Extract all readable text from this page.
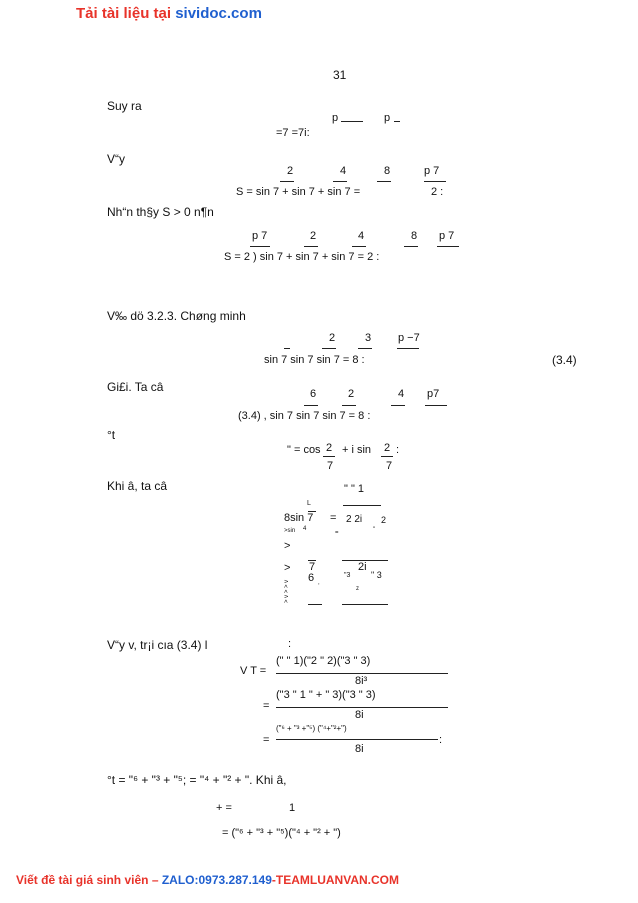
Tải tài liệu tại sividoc.com
31
Suy ra
p	p
=7 =7i:
V“y
2	4	8	p 7
S = sin 7 + sin 7 + sin 7 =	2 :
Nh“n th§y S > 0 n¶n
p 7	2	4	8 p 7
S = 2 ) sin 7 + sin 7 + sin 7 = 2 :
V‰ dö 3.2.3. Chøng minh
2	3 p −7
sin 7 sin 7 sin 7 = 8 :	(3.4)
Gi£i. Ta câ	6	2	4 p7
(3.4) , sin 7 sin 7 sin 7 = 8 :
°t
" = cos 2
7
+ i sin 2
7
:
Khi â, ta câ	" " 1
L
8sin 7 = 2 2i 2
>sin 4
=	"
>
> 7	2i
"3 " 3
6 ,
z
> v > > v
V“y v, tr¡i cıa (3.4) l	:
V T =
(" " 1)("2 " 2)("3 " 3)
8i³
=
("3 " 1 " + " 3)("3 " 3)
8i
=
("⁶ + "³ +"⁵) ("⁴+"²+")
8i
:
°t = "⁶ + "³ + "⁵; = "⁴ + "² + ". Khi â,
+ =	1
= ("⁶ + "³ + "⁵)("⁴ + "² + ")
Viết đề tài giá sinh viên – ZALO:0973.287.149-TEAMLUANVAN.COM
